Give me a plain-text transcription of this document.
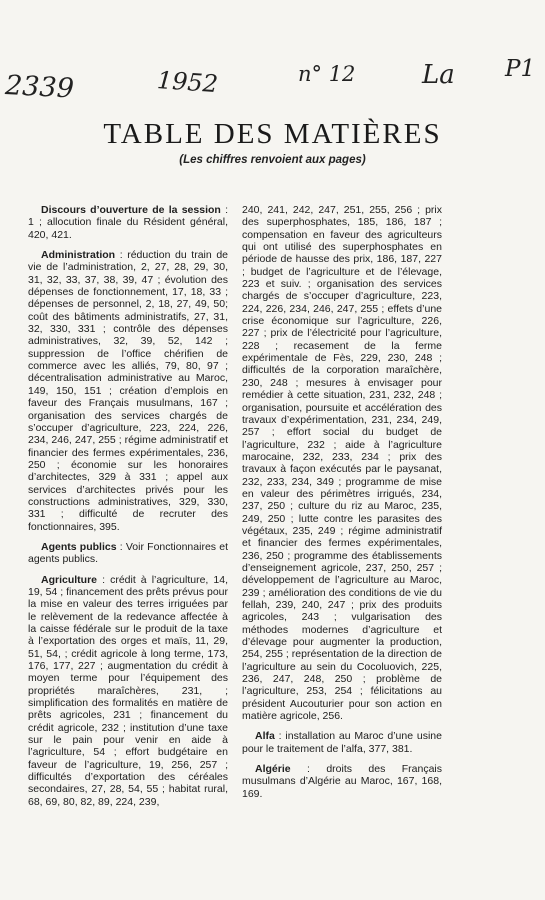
2339	1952	n° 12	La P1
TABLE DES MATIÈRES
(Les chiffres renvoient aux pages)

Discours d’ouverture de la session : 1 ; allocution finale du Résident général, 420, 421.

Administration : réduction du train de vie de l’administration, 2, 27, 28, 29, 30, 31, 32, 33, 37, 38, 39, 47 ; évolution des dépenses de fonctionnement, 17, 18, 33 ; dépenses de personnel, 2, 18, 27, 49, 50; coût des bâtiments administratifs, 27, 31, 32, 330, 331 ; contrôle des dépenses administratives, 32, 39, 52, 142 ; suppression de l’office chérifien de commerce avec les alliés, 79, 80, 97 ; décentralisation administrative au Maroc, 149, 150, 151 ; création d’emplois en faveur des Français musulmans, 167 ; organisation des services chargés de s’occuper d’agriculture, 223, 224, 226, 234, 246, 247, 255 ; régime administratif et financier des fermes expérimentales, 236, 250 ; économie sur les honoraires d’architectes, 329 à 331 ; appel aux services d’architectes privés pour les constructions administratives, 329, 330, 331 ; difficulté de recruter des fonctionnaires, 395.

Agents publics : Voir Fonctionnaires et agents publics.

Agriculture : crédit à l’agriculture, 14, 19, 54 ; financement des prêts prévus pour la mise en valeur des terres irriguées par le relèvement de la redevance affectée à la caisse fédérale sur le produit de la taxe à l’exportation des orges et maïs, 11, 29, 51, 54, ; crédit agricole à long terme, 173, 176, 177, 227 ; augmentation du crédit à moyen terme pour l’équipement des propriétés maraîchères, 231, ; simplification des formalités en matière de prêts agricoles, 231 ; financement du crédit agricole, 232 ; institution d’une taxe sur le pain pour venir en aide à l’agriculture, 54 ; effort budgétaire en faveur de l’agriculture, 19, 256, 257 ; difficultés d’exportation des céréales secondaires, 27, 28, 54, 55 ; habitat rural, 68, 69, 80, 82, 89, 224, 239,

240, 241, 242, 247, 251, 255, 256 ; prix des superphosphates, 185, 186, 187 ; compensation en faveur des agriculteurs qui ont utilisé des superphosphates en période de hausse des prix, 186, 187, 227 ; budget de l’agriculture et de l’élevage, 223 et suiv. ; organisation des services chargés de s’occuper d’agriculture, 223, 224, 226, 234, 246, 247, 255 ; effets d’une crise économique sur l’agriculture, 226, 227 ; prix de l’électricité pour l’agriculture, 228 ; recasement de la ferme expérimentale de Fès, 229, 230, 248 ; difficultés de la corporation maraîchère, 230, 248 ; mesures à envisager pour remédier à cette situation, 231, 232, 248 ; organisation, poursuite et accélération des travaux d’expérimentation, 231, 234, 249, 257 ; effort social du budget de l’agriculture, 232 ; aide à l’agriculture marocaine, 232, 233, 234 ; prix des travaux à façon exécutés par le paysanat, 232, 233, 234, 349 ; programme de mise en valeur des périmètres irrigués, 234, 237, 250 ; culture du riz au Maroc, 235, 249, 250 ; lutte contre les parasites des végétaux, 235, 249 ; régime administratif et financier des fermes expérimentales, 236, 250 ; programme des établissements d’enseignement agricole, 237, 250, 257 ; développement de l’agriculture au Maroc, 239 ; amélioration des conditions de vie du fellah, 239, 240, 247 ; prix des produits agricoles, 243 ; vulgarisation des méthodes modernes d’agriculture et d’élevage pour augmenter la production, 254, 255 ; représentation de la direction de l’agriculture au sein du Cocoluovich, 225, 236, 247, 248, 250 ; problème de l’agriculture, 253, 254 ; félicitations au président Aucouturier pour son action en matière agricole, 256.

Alfa : installation au Maroc d’une usine pour le traitement de l’alfa, 377, 381.

Algérie : droits des Français musulmans d’Algérie au Maroc, 167, 168, 169.
